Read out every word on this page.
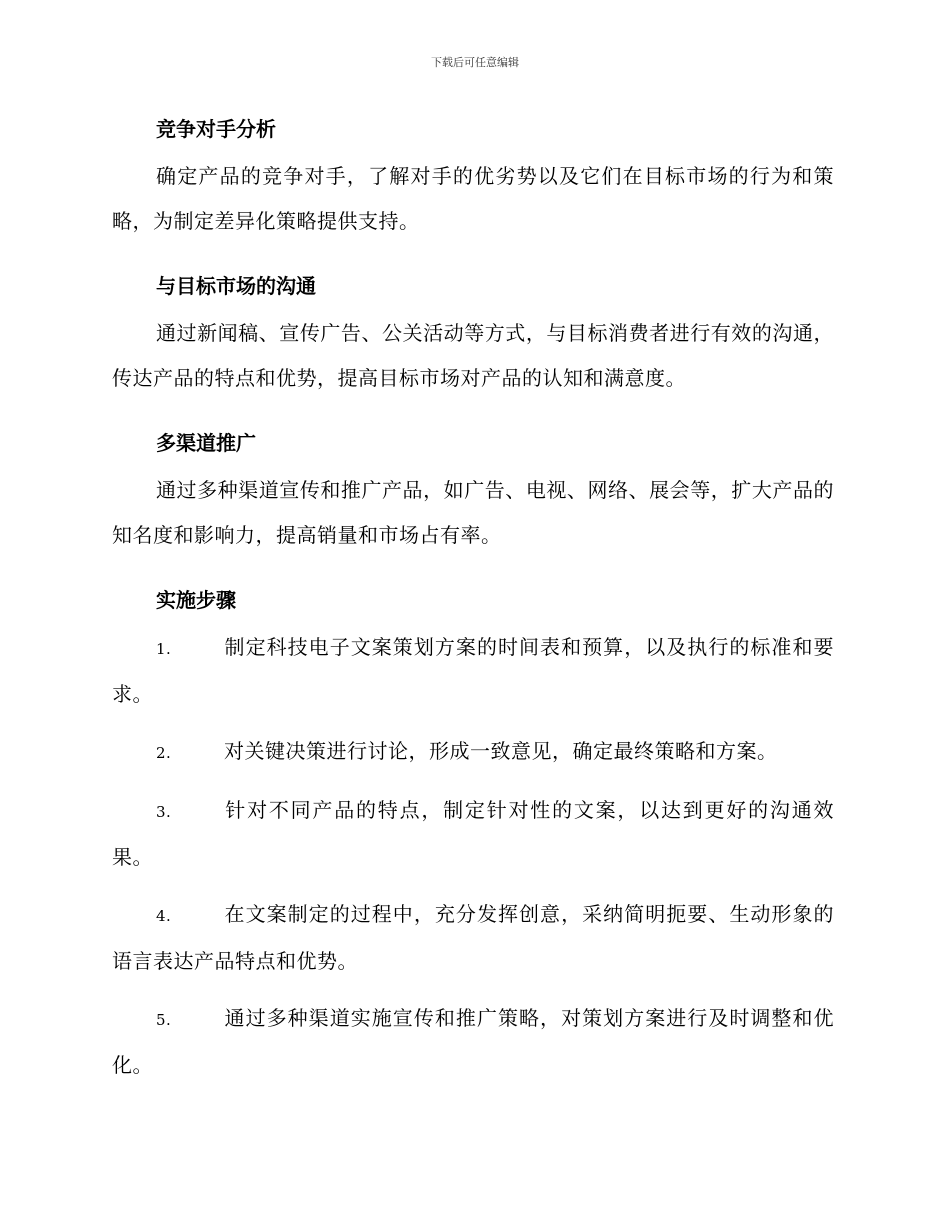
下载后可任意编辑
竞争对手分析

确定产品的竞争对手，了解对手的优劣势以及它们在目标市场的行为和策略，为制定差异化策略提供支持。

与目标市场的沟通

通过新闻稿、宣传广告、公关活动等方式，与目标消费者进行有效的沟通，传达产品的特点和优势，提高目标市场对产品的认知和满意度。

多渠道推广

通过多种渠道宣传和推广产品，如广告、电视、网络、展会等，扩大产品的知名度和影响力，提高销量和市场占有率。

实施步骤

1.	制定科技电子文案策划方案的时间表和预算，以及执行的标准和要求。

2.	对关键决策进行讨论，形成一致意见，确定最终策略和方案。

3.	针对不同产品的特点，制定针对性的文案，以达到更好的沟通效果。

4.	在文案制定的过程中，充分发挥创意，采纳简明扼要、生动形象的语言表达产品特点和优势。

5.	通过多种渠道实施宣传和推广策略，对策划方案进行及时调整和优化。
